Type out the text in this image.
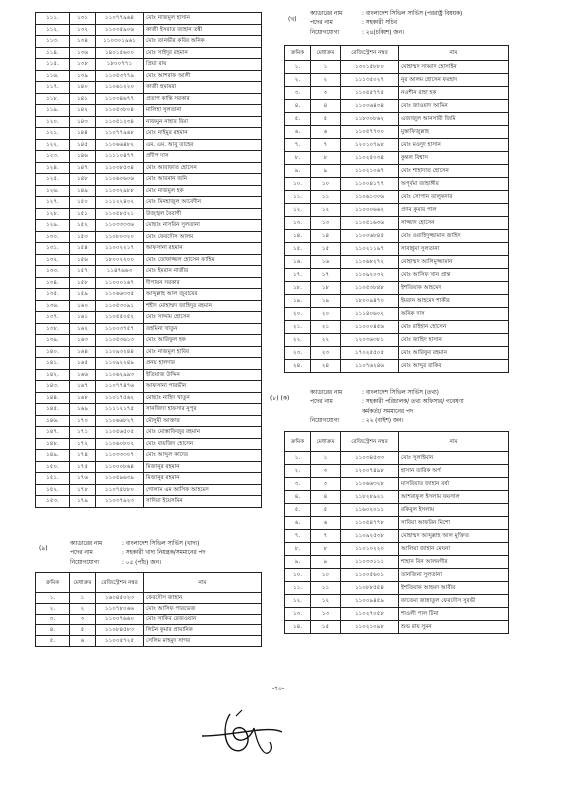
১১১.	১৩১	১১০৭৭৯৬৪	মোঃ নাজমুল হাসান
১১২.	১৩২	১১০৩৫৯০৬	কাজী ইসরাত জাহান তন্বী
১১৩.	১৩৪	১১০৩০১৯৬১	মোঃ তানভীর কবির অনিক
১১৪.	১৩৬	১৪০১৫৬০০	মোঃ সাইদুর রহমান
১১৫.	১৩৮	১৮০০৭৭১	প্রিয়া রায়
১১৬.	১৩৯	১১০৫৩৭৭৯	মোঃ আশরাফ আলী
১১৭.	১৪০	১১০৬১২২০	কাজী হুমায়রা
১১৮.	১৪১	১১০৩৪৬৭৭	প্রতাপ কান্তি সরকার
১১৯.	১৪২	১১০৫৩৮০৪	মালিহা সুলতানা
১২০.	১৪৩	১১০৫১২৩৪	নাজমুন নাহার রিমা
১২১.	১৪৪	১১০৭৭৯৬৮	মোঃ নাইমুর রহমান
১২২.	১৪৫	১১০৬৬৪৮২	এম. এম. আবু তাহের
১২৩.	১৪৬	১১১১০৪৭৭	প্রদীপ দাস
১২৪.	১৪৭	১১০৩৮৫৩৪	মোঃ আরাফাত হোসেন
১২৫.	১৪৮	১১০৬০৬০৬	মোঃ আরমান জনি
১২৬.	১৪৯	১১০৩২৯৮৮	মোঃ নাজমুল হক
১২৭.	১৫০	১১১২২৪০২	মোঃ মিনহাজুল আবেদীন
১২৮.	১৫১	১১০৫৮৫২১	উজ্জ্বল বৈরাগী
১২৯.	১৫২	১১০৩৩৩৩৬	মোছাঃ নাসরিন সুলতানা
১৩০.	১৫৩	১১০৮০৩২০	মোঃ ফেরদৌস আলম
১৩১.	১৫৪	১১০০২২১৭	আফসানা রহমান
১৩২.	১৫৬	১৮০০২২০০	মোঃ তোফাজ্জল হোসেন ফাহিম
১৩৩.	১৫৭	১১৪৭৬৬৩	মোঃ ইমরান নাজীর
১৩৪.	১৫৮	১১০০০১৬৭	দীপায়ন সরকার
১৩৫.	১৫৯	১১০৬৬৩৩৫	আব্দুল্লাহ আল জুবায়ের
১৩৬.	১৬০	১১০৫৩০৯১	শহীদ মোহাম্মদ জাহিদুর রহমান
১৩৭.	১৬১	১১০৫৫০৫২	মোঃ সাদ্দাম হোসেন
১৩৮.	১৬২	১১০০৩৭৫৭	তহমিনা খাতুন
১৩৯.	১৬৩	১১০৫৩৬১৩	মোঃ আরিফুল হক
১৪০.	১৬৪	১১০৯৩২৪৪	মোঃ নাজমুল হাবিব
১৪১.	১৬৫	১১০৯২২৪৯	প্রনয় হালদার
১৪২.	১৬৬	১১০৬২৯৯৩	ইতিয়াজ উদ্দিন
১৪৩.	১৬৭	১১০৭৭৪৭৬	আফসানা পারভীন
১৪৪.	১৬৮	১১০১৭৫৬২	মোছাঃ নাহিদ খাতুন
১৪৫.	১৬৯	১১১১২১৭৫	সানজিদা হাফসার নুপুর
১৪৬.	১৭০	১১০৬৬৮২৭	মৌসুমী আক্তার
১৪৭.	১৭১	১১০৫৬৫০৫	মোঃ মোস্তাফিজুর রহমান
১৪৮.	১৭২	১১০৬০৮০২	মোঃ বায়জিদ হোসেন
১৪৯.	১৭৪	১১০৩৩৩০৭	মোঃ আব্দুল কাদের
১৫০.	১৭৫	১১০০০৮৬৪	মিজানুর রহমান
১৫১.	১৭৬	১১০৫৯৬৩৯	মিজানুর রহমান
১৫২.	১৭৮	১১০৭৫৮৮০	গোলাম এম আসিফ আহমেদ
১৫৩.	১৭৯	১১০৩৭৯২৩	সাদিয়া ইয়েসমিন
(৯)
ক্যাডারের নাম	: বাংলাদেশ সিভিল সার্ভিস (খাদ্য)
পদের নাম	: সহকারী খাদ্য নিয়ন্ত্রক/সমমানের পদ
নিয়োগযোগ্য	: ০৫ (পাঁচ) জন।
ক্রমিক	মেধাক্রম	রেজিস্ট্রেশন নম্বর	নাম
১.	১	১৬০৪৫০২৩	ফেরদৌস জাহান
২.	২	১১০৭৮০৬৬	মোঃ আসিফ পারভেজ
৩.	৩	১১০০৭৬৬০	মোঃ সাকিব রেজওয়ান
৪.	৫	১১০৮৪৫৮৩	লিটন কুমার প্রামানিক
৫.	৬	১১০০৫৭২৫	সেলিম মাহমুদ সাগর
(খ)
ক্যাডারের নাম	: বাংলাদেশ সিভিল সার্ভিস (পররাষ্ট্র বিষয়ক)
পদের নাম	: সহকারী সচিব
নিয়োগযোগ্য	: ২৪(চব্বিশ) জন।
ক্রমিক	মেধাক্রম	রেজিস্ট্রেশন নম্বর	নাম
১.	১	১৩০১৫৮৮০	মোহাম্মদ সাব্বাদ হোসাইন
২.	২	১১১৩৫০২৭	নুর আলম হোসেন ফরহাদ
৩.	৩	১১০৫৫৭৭৫	নওশীন রাহা হক
৪.	৪	১১০০৬৪৩৪	মোঃ জাওয়াদ আমিন
৫.	৫	১১৮০০৮৬২	এজাজুল আনসারী জিমি
৬.	৬	১১০৫৭৭৩০	মুস্তাফিজুল্লাহ
৭.	৭	১২০১০৭৯৮	মোঃ মওদুদ হাসান
৮.	৮	১১০২৫০৩৪	কুন্তল বিশ্বাস
৯.	৯	১১০২১০৬৭	মোঃ শাহাদাত হোসেন
১০.	১০	১১০০৪১৭৭	অপূর্বমা জাহাঙ্গীর
১১.	১১	১১০৬১৩০৬	মোঃ সোপান তালুকদার
১২.	১২	১১০০০৬৬২	প্রণব কুমার পাল
১৩.	১৩	১১০৫১৬৩৬	সাজ্জাদ হোসেন
১৪.	১৪	১১০০৬৮৪৫	মোঃ ওয়াহিদুজ্জামান জাহিদ
১৫.	১৫	১১০২১১৯৭	সাবান্নুমা সুলতানা
১৬.	১৬	১১০৬৮২৭২	মোহাম্মদ আলিমুজ্জামান
১৭.	১৭	১১০৯২০৩২	মোঃ আসিফ খান প্রান্ত
১৮.	১৮	১১০৫৩৮৪৮	ইশতিয়াক আহমেদ
১৯.	১৯	১৮০০৯৪৭০	ইমরান আহমেদ শাকীর
২০.	২০	১১১৪০৬০২	অনিক দাস
২১.	২১	১১০০০৪৫৬	মোঃ রাইহান হোসেন
২২.	২২	১২০৩৬৩৮১	মোঃ জাহিদ হাসান
২৩.	২৩	১৭০২৫৫০৫	মোঃ আরিফুর রহমান
২৪.	২৪	১১০৭৬২৪৬	মোঃ আব্দুর রাকিব
(৮) (ক)
ক্যাডারের নাম	: বাংলাদেশ সিভিল সার্ভিস (তথ্য)
পদের নাম	: সহকারী পরিচালক/ তথ্য অফিসার/ গবেষণা
কর্মকর্তা/ সমমানের পদ
নিয়োগযোগ্য	: ২২ (বাইশ) জন।
ক্রমিক	মেধাক্রম	রেজিস্ট্রেশন নম্বর	নাম
১.	১	১১০৩৪৫৩৩	মোঃ সুলাইমান
২.	৩	১২০০৭৪৯৮	হাসান তারিক অর্প
৩.	৩	১১০৬৬৩২৮	মাসরিয়াত জাহান বর্ষা
৪.	৪	১১৮২৮৯২১	আশরাফুল ইসলাম ফয়সাল
৫.	৫	১১৬০২০১১	রকিবুল ইসলাম
৬.	৬	১১০৫৪৭৭৮	সাবিয়া আফরিন মিশো
৭.	৭	১১০৯২৫৩৮	মোহাম্মদ আব্দুল্লাহ আল মুক্তিত
৮.	৮	১১০১০২২০	আলিয়া জাহান মেঘনা
৯.	৯	১১০৩৩১১১	শাহান বিন আলমগীর
১০.	১০	১১০০৫৬০১	তানজিনা সুলতানা
১১.	১১	১১০৮৮৫৫৪	ইশতিয়াক আহমদ আবীর
১২.	১২	১১০০৯৪৫৯	ফাতেমা জান্নাতুল ফেরদৌস সুরভী
১৩.	১৩	১১০২৭০৫৮	শাওলী পাল টিনা
১৪.	১৫	১১০২১০৯৮	শুভ রায় সুমন
-৭০-
